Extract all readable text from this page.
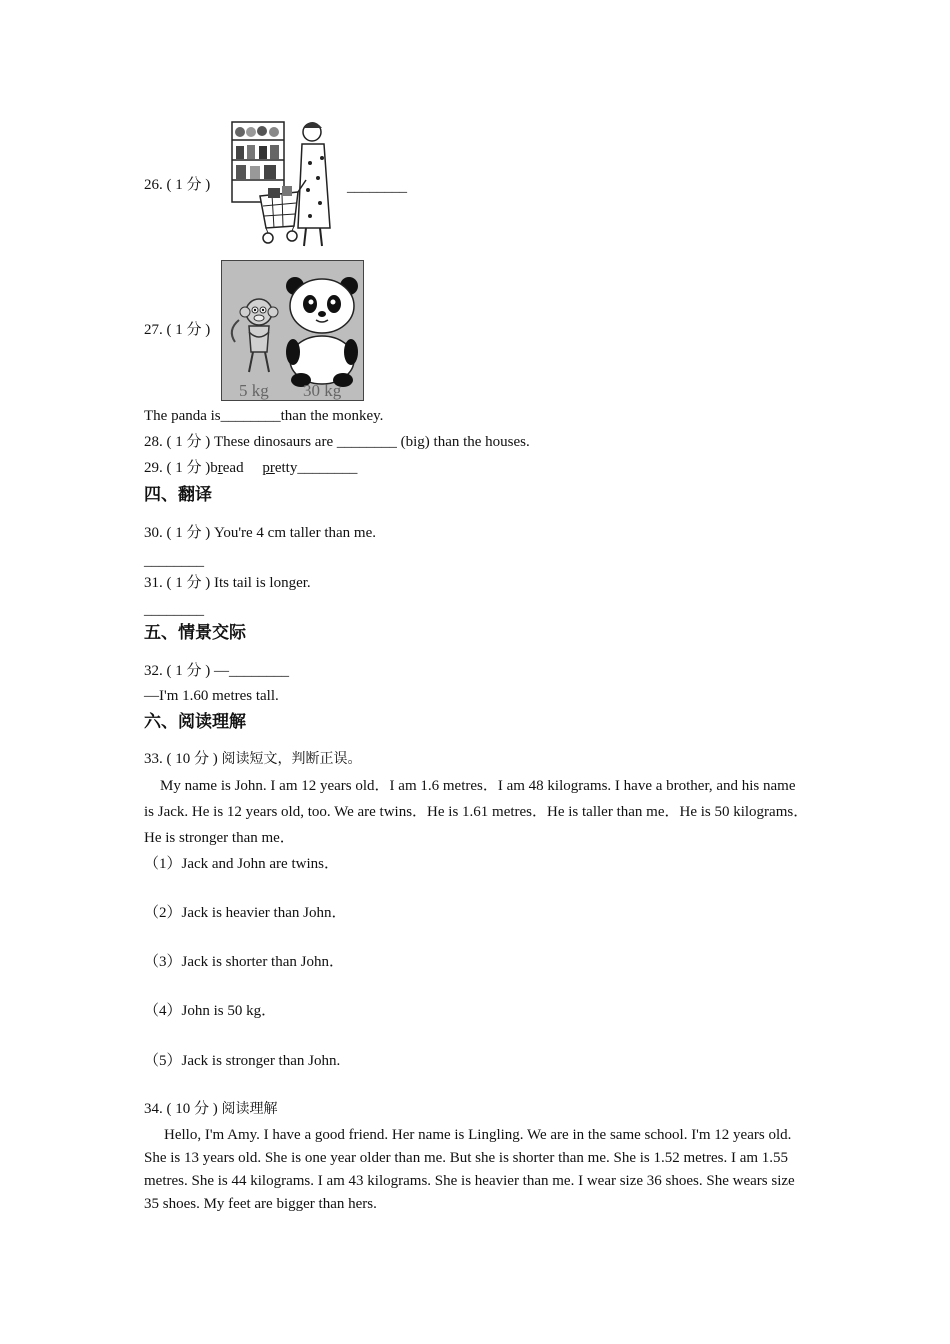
26. ( 1 分 )	________
27. ( 1 分 )
5 kg 30 kg
The panda is________than the monkey.
28. ( 1 分 ) These dinosaurs are ________ (big) than the houses.
29. ( 1 分 )bread pretty________
四、翻译
30. ( 1 分 ) You're 4 cm taller than me.
________
31. ( 1 分 ) Its tail is longer.
________
五、情景交际
32. ( 1 分 ) —________
—I'm 1.60 metres tall.
六、阅读理解
33. ( 10 分 ) 阅读短文，判断正误。
My name is John. I am 12 years old．I am 1.6 metres．I am 48 kilograms. I have a brother, and his name is Jack. He is 12 years old, too. We are twins．He is 1.61 metres．He is taller than me．He is 50 kilograms．He is stronger than me．
（1）Jack and John are twins．
（2）Jack is heavier than John．
（3）Jack is shorter than John．
（4）John is 50 kg．
（5）Jack is stronger than John.
34. ( 10 分 ) 阅读理解
Hello, I'm Amy. I have a good friend. Her name is Lingling. We are in the same school. I'm 12 years old. She is 13 years old. She is one year older than me. But she is shorter than me. She is 1.52 metres. I am 1.55 metres. She is 44 kilograms. I am 43 kilograms. She is heavier than me. I wear size 36 shoes. She wears size 35 shoes. My feet are bigger than hers.
